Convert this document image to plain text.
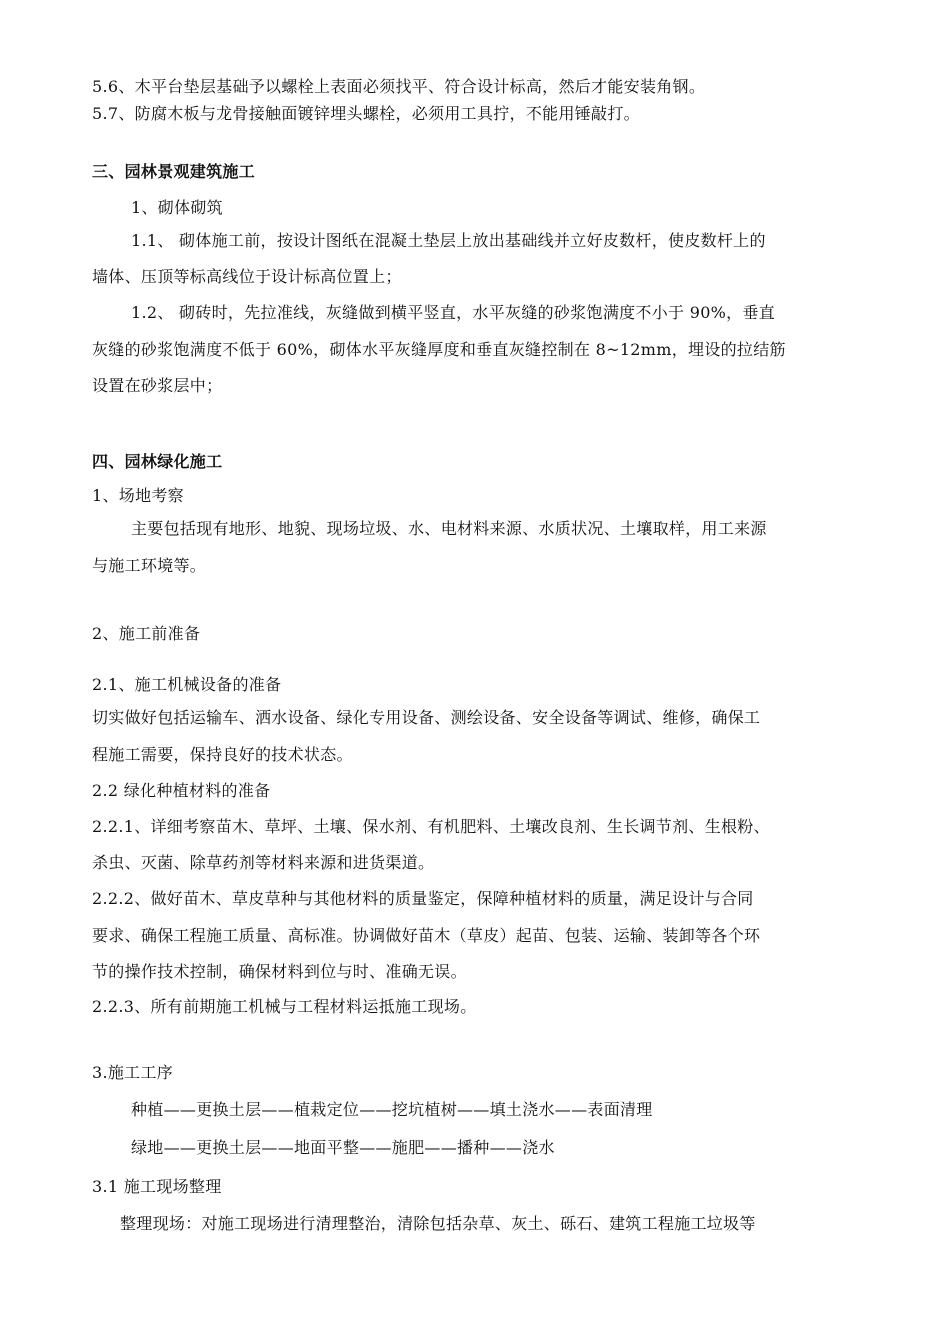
5.6、木平台垫层基础予以螺栓上表面必须找平、符合设计标高，然后才能安装角钢。
5.7、防腐木板与龙骨接触面镀锌埋头螺栓，必须用工具拧，不能用锤敲打。
三、园林景观建筑施工
1、砌体砌筑
1.1、 砌体施工前，按设计图纸在混凝土垫层上放出基础线并立好皮数杆，使皮数杆上的
墙体、压顶等标高线位于设计标高位置上；
1.2、 砌砖时，先拉准线，灰缝做到横平竖直，水平灰缝的砂浆饱满度不小于 90%，垂直
灰缝的砂浆饱满度不低于 60%，砌体水平灰缝厚度和垂直灰缝控制在 8~12mm，埋设的拉结筋
设置在砂浆层中；
四、园林绿化施工
1、场地考察
主要包括现有地形、地貌、现场垃圾、水、电材料来源、水质状况、土壤取样，用工来源
与施工环境等。
2、施工前准备
2.1、施工机械设备的准备
切实做好包括运输车、洒水设备、绿化专用设备、测绘设备、安全设备等调试、维修，确保工
程施工需要，保持良好的技术状态。
2.2 绿化种植材料的准备
2.2.1、详细考察苗木、草坪、土壤、保水剂、有机肥料、土壤改良剂、生长调节剂、生根粉、
杀虫、灭菌、除草药剂等材料来源和进货渠道。
2.2.2、做好苗木、草皮草种与其他材料的质量鉴定，保障种植材料的质量，满足设计与合同
要求、确保工程施工质量、高标准。协调做好苗木（草皮）起苗、包装、运输、装卸等各个环
节的操作技术控制，确保材料到位与时、准确无误。
2.2.3、所有前期施工机械与工程材料运抵施工现场。
3.施工工序
种植——更换土层——植栽定位——挖坑植树——填土浇水——表面清理
绿地——更换土层——地面平整——施肥——播种——浇水
3.1 施工现场整理
整理现场：对施工现场进行清理整治，清除包括杂草、灰土、砾石、建筑工程施工垃圾等
